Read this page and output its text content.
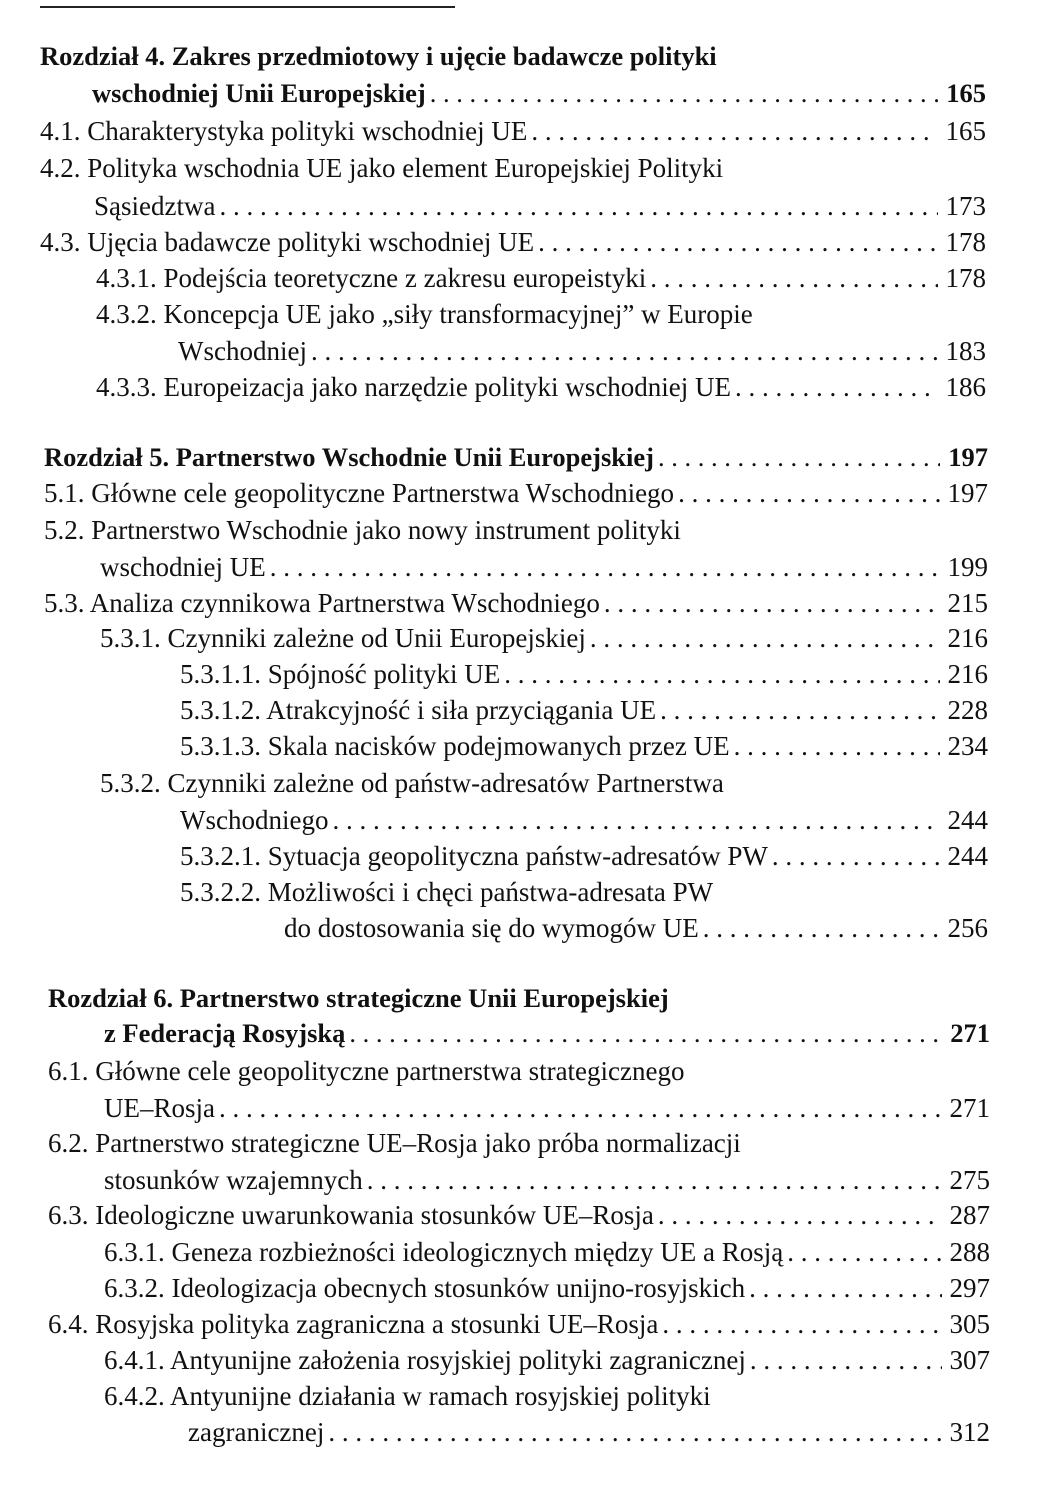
Rozdział 4. Zakres przedmiotowy i ujęcie badawcze polityki
wschodniej Unii Europejskiej . . .	165
4.1. Charakterystyka polityki wschodniej UE . . .	165
4.2. Polityka wschodnia UE jako element Europejskiej Polityki
Sąsiedztwa . . .	173
4.3. Ujęcia badawcze polityki wschodniej UE . . .	178
4.3.1. Podejścia teoretyczne z zakresu europeistyki . . .	178
4.3.2. Koncepcja UE jako „siły transformacyjnej” w Europie
Wschodniej . . .	183
4.3.3. Europeizacja jako narzędzie polityki wschodniej UE . . .	186
Rozdział 5. Partnerstwo Wschodnie Unii Europejskiej . . .	197
5.1. Główne cele geopolityczne Partnerstwa Wschodniego . . .	197
5.2. Partnerstwo Wschodnie jako nowy instrument polityki
wschodniej UE . . .	199
5.3. Analiza czynnikowa Partnerstwa Wschodniego . . .	215
5.3.1. Czynniki zależne od Unii Europejskiej . . .	216
5.3.1.1. Spójność polityki UE . . .	216
5.3.1.2. Atrakcyjność i siła przyciągania UE . . .	228
5.3.1.3. Skala nacisków podejmowanych przez UE . . .	234
5.3.2. Czynniki zależne od państw-adresatów Partnerstwa
Wschodniego . . .	244
5.3.2.1. Sytuacja geopolityczna państw-adresatów PW . . .	244
5.3.2.2. Możliwości i chęci państwa-adresata PW
do dostosowania się do wymogów UE . . .	256
Rozdział 6. Partnerstwo strategiczne Unii Europejskiej
z Federacją Rosyjską . . .	271
6.1. Główne cele geopolityczne partnerstwa strategicznego
UE–Rosja . . .	271
6.2. Partnerstwo strategiczne UE–Rosja jako próba normalizacji
stosunków wzajemnych . . .	275
6.3. Ideologiczne uwarunkowania stosunków UE–Rosja . . .	287
6.3.1. Geneza rozbieżności ideologicznych między UE a Rosją . . .	288
6.3.2. Ideologizacja obecnych stosunków unijno-rosyjskich . . .	297
6.4. Rosyjska polityka zagraniczna a stosunki UE–Rosja . . .	305
6.4.1. Antyunijne założenia rosyjskiej polityki zagranicznej . . .	307
6.4.2. Antyunijne działania w ramach rosyjskiej polityki
zagranicznej . . .	312
